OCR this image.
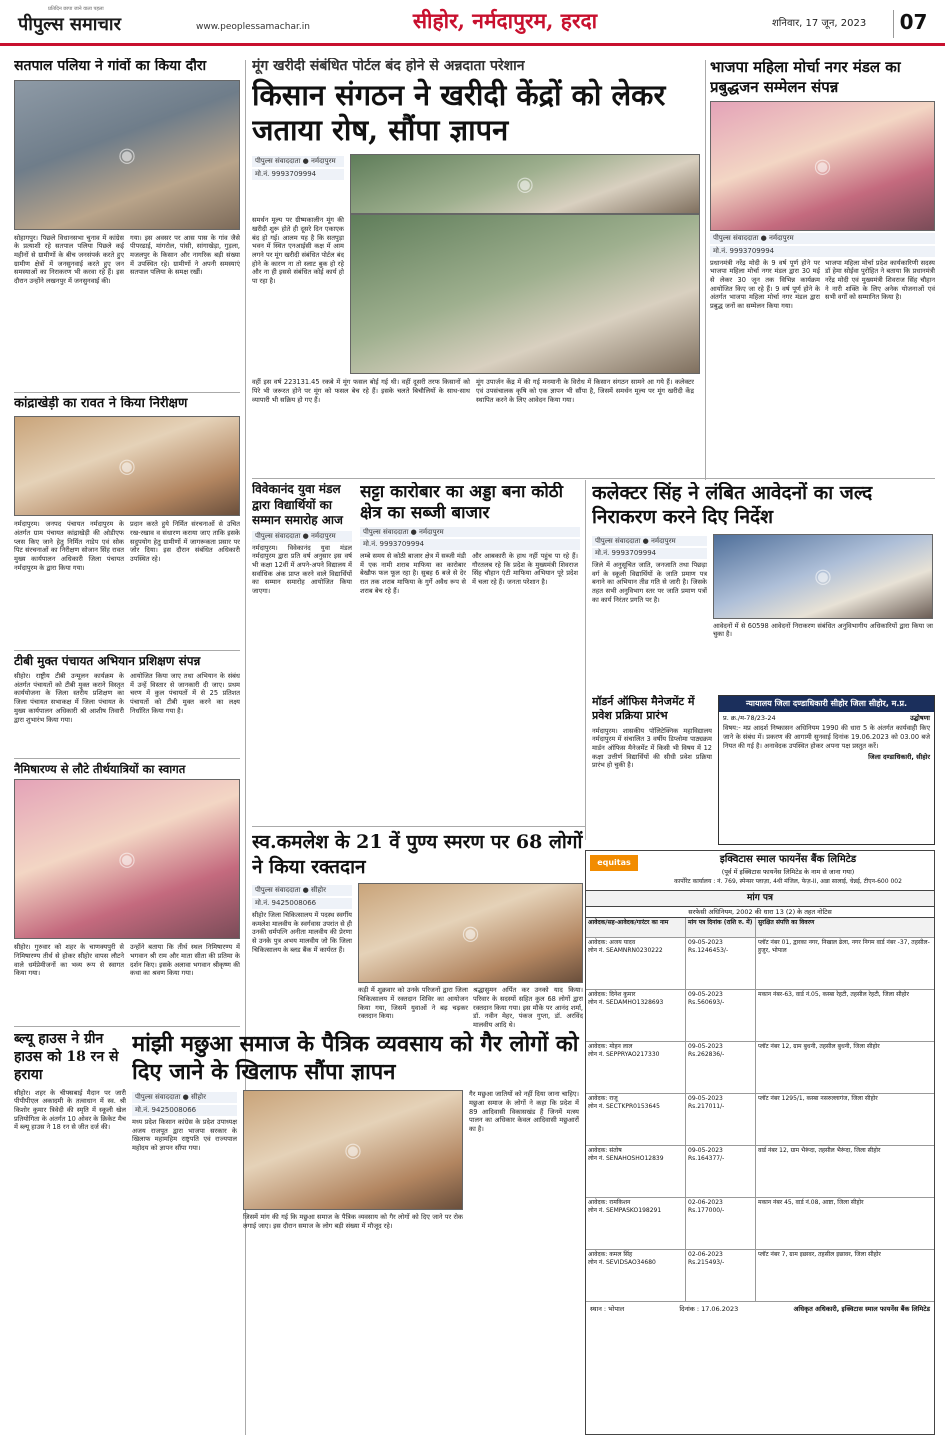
प्रतिदिन छापा जाने वाला पहला
पीपुल्स समाचार	www.peoplessamachar.in	सीहोर, नर्मदापुरम, हरदा	शनिवार, 17 जून, 2023	07
सतपाल पलिया ने गांवों का किया दौरा
◉
सोहागपुर। पिछले विधानसभा चुनाव में कांग्रेस के प्रत्याशी रहे सतपाल पलिया पिछले कई महीनों से ग्रामीणों के बीच जनसंपर्क करते हुए ग्रामीण क्षेत्रों में जनसुनवाई करते हुए जन समस्याओं का निराकरण भी करवा रहे हैं। इस दौरान उन्होंने लखनपुर में जनसुनवाई की।
गया। इस अवसर पर आस पास के गांव जैसे पीपरढाई, मांगरोल, पांसी, सांगाखेड़ा, गुड़ला, मजलपुर के किसान और नागरिक बड़ी संख्या में उपस्थित रहे। ग्रामीणों ने अपनी समस्याएं सतपाल पलिया के समक्ष रखीं।
मूंग खरीदी संबंधित पोर्टल बंद होने से अन्नदाता परेशान
किसान संगठन ने खरीदी केंद्रों को लेकर जताया रोष, सौंपा ज्ञापन
पीपुल्स संवाददाता ● नर्मदापुरम
मो.नं. 9993709994	◉
समर्थन मूल्य पर ग्रीष्मकालीन मूंग की खरीदी शुरू होते ही दूसरे दिन एकाएक बंद हो गई। आलम यह है कि सतपुड़ा भवन में स्थित एनआईसी कक्ष में आम लगने पर मूंग खरीदी संबंधित पोर्टल बंद होने के कारण ना तो स्लाट बुक हो रहे और ना ही इससे संबंधित कोई कार्य हो पा रहा है।
वहीं इस वर्ष 223131.45 रकबे में मूंग फसल बोई गई थी। वहीं दूसरी तरफ किसानों को पिरे भी जरूरत होने पर मूंग को फसल बेच रहे हैं। इसके चलते बिचौलियों के साथ-साथ व्यापारी भी सक्रिय हो गए हैं।
मूंग उपार्जन केंद्र में की गई मनमानी के विरोध में किसान संगठन सामने आ गये हैं। कलेक्टर एवं उपसंचालक कृषि को एक ज्ञापन भी सौंपा है, जिसमें समर्थन मूल्य पर मूंग खरीदी केंद्र स्थापित करने के लिए आवेदन किया गया।
भाजपा महिला मोर्चा नगर मंडल का प्रबुद्धजन सम्मेलन संपन्न
◉
पीपुल्स संवाददाता ● नर्मदापुरम
मो.नं. 9993709994
प्रधानमंत्री नरेंद्र मोदी के 9 वर्ष पूर्ण होने पर भाजपा महिला मोर्चा नगर मंडल द्वारा 30 मई से लेकर 30 जून तक विभिन्न कार्यक्रम आयोजित किए जा रहे हैं। 9 वर्ष पूर्ण होने के अंतर्गत भाजपा महिला मोर्चा नगर मंडल द्वारा प्रबुद्ध जनों का सम्मेलन किया गया।
भाजपा महिला मोर्चा प्रदेश कार्यकारिणी सदस्य डॉ हेमा सोईवा पुरोहित ने बताया कि प्रधानमंत्री नरेंद्र मोदी एवं मुख्यमंत्री शिवराज सिंह चौहान ने नारी शक्ति के लिए अनेक योजनाओं एवं सभी वर्गों को सम्मानित किया है।
कांद्राखेड़ी का रावत ने किया निरीक्षण
◉
नर्मदापुरम। जनपद पंचायत नर्मदापुरम के अंतर्गत ग्राम पंचायत कांद्राखेड़ी की ओडीएफ प्लस किए जाने हेतु निर्मित नाडेप एवं सोक पिट संरचनाओं का निरीक्षण सोजान सिंह रावत मुख्य कार्यपालन अधिकारी जिला पंचायत नर्मदापुरम के द्वारा किया गया।
प्रदान करते हुये निर्मित संरचनाओं से उचित रख-रखाव व संधारण कराया जाए ताकि इसके सदुपयोग हेतु ग्रामीणों में जागरूकता प्रसार पर जोर दिया। इस दौरान संबंधित अधिकारी उपस्थित रहे।
विवेकानंद युवा मंडल द्वारा विद्यार्थियों का सम्मान समारोह आज
पीपुल्स संवाददाता ● नर्मदापुरम
नर्मदापुरम। विवेकानंद युवा मंडल नर्मदापुरम द्वारा प्रति वर्ष अनुसार इस वर्ष भी कक्षा 12वीं में अपने-अपने विद्यालय में सर्वाधिक अंक प्राप्त करने वाले विद्यार्थियों का सम्मान समारोह आयोजित किया जाएगा।
सट्टा कारोबार का अड्डा बना कोठी क्षेत्र का सब्जी बाजार
पीपुल्स संवाददाता ● नर्मदापुरम
मो.नं. 9993709994
लम्बे समय से कोठी बाजार क्षेत्र में सब्जी मंडी में एक नामी शराब माफिया का कारोबार बेखौफ फल फूल रहा है। सुबह 6 बजे से देर रात तक शराब माफिया के गुर्गे अवैध रूप से शराब बेच रहे हैं।
और आबकारी के हाथ नहीं पहुंच पा रहे हैं। गौरतलब रहे कि प्रदेश के मुख्यमंत्री शिवराज सिंह चौहान एंटी माफिया अभियान पूरे प्रदेश में चला रहे हैं। जनता परेशान है।
कलेक्टर सिंह ने लंबित आवेदनों का जल्द निराकरण करने दिए निर्देश
पीपुल्स संवाददाता ● नर्मदापुरम
मो.नं. 9993709994
जिले में अनुसूचित जाति, जनजाति तथा पिछड़ा वर्ग के स्कूली विद्यार्थियों के जाति प्रमाण पत्र बनाने का अभियान तीव्र गति से जारी है। जिसके तहत सभी अनुविभाग स्तर पर जाति प्रमाण पत्रों का कार्य निरंतर प्रगति पर है।
◉
आवेदनों में से 60598 आवेदनों निराकरण संबंधित अनुविभागीय अधिकारियों द्वारा किया जा चुका है।
मॉडर्न ऑफिस मैनेजमेंट में प्रवेश प्रक्रिया प्रारंभ
नर्मदापुरम। शासकीय पॉलिटेक्निक महाविद्यालय नर्मदापुरम में संचालित 3 वर्षीय डिप्लोमा पाठ्यक्रम मार्डन ऑफिस मैनेजमेंट में किसी भी विषय में 12 कक्षा उत्तीर्ण विद्यार्थियों की सीधी प्रवेश प्रक्रिया प्रारंभ हो चुकी है।
न्यायालय जिला दण्डाधिकारी सीहोर जिला सीहोर, म.प्र.
प्र. क्र./म-78/23-24	उद्घोषणा
विषय:- मप्र आदर्श निष्कासन अधिनियम 1990 की धारा 5 के अंतर्गत कार्यवाही किए जाने के संबंध में। प्रकरण की आगामी सुनवाई दिनांक 19.06.2023 को 03.00 बजे नियत की गई है। अनावेदक उपस्थित होकर अपना पक्ष प्रस्तुत करें।
जिला दण्डाधिकारी, सीहोर
टीबी मुक्त पंचायत अभियान प्रशिक्षण संपन्न
सीहोर। राष्ट्रीय टीबी उन्मूलन कार्यक्रम के अंतर्गत पंचायतों को टीबी मुक्त कराने विस्तृत कार्ययोजना के जिला स्तरीय प्रशिक्षण का जिला पंचायत सभाकक्ष में जिला पंचायत के मुख्य कार्यपालन अधिकारी श्री आशीष तिवारी द्वारा शुभारंभ किया गया।
आयोजित किया जाए तथा अभियान के संबंध में उन्हें विस्तार से जानकारी दी जाए। प्रथम चरण में कुल पंचायतों में से 25 प्रतिशत पंचायतों को टीबी मुक्त करने का लक्ष्य निर्धारित किया गया है।
स्व.कमलेश के 21 वें पुण्य स्मरण पर 68 लोगों ने किया रक्तदान
पीपुल्स संवाददाता ● सीहोर
मो.नं. 9425008066
सीहोर जिला चिकित्सालय में पदस्थ स्वर्गीय कमलेश मालवीय के स्वर्गवास उपरांत से ही उनकी धर्मपत्नि अनीता मालवीय की प्रेरणा से उनके पुत्र अभय मालवीय जो कि जिला चिकित्सालय के ब्लड बैंक में कार्यरत हैं।
◉
कड़ी में शुक्रवार को उनके परिजनों द्वारा जिला चिकित्सालय में रक्तदान शिविर का आयोजन किया गया, जिसमें युवाओं ने बढ़ चढ़कर रक्तदान किया।
श्रद्धासुमन अर्पित कर उनको याद किया। परिवार के सदस्यों सहित कुल 68 लोगों द्वारा रक्तदान किया गया। इस मौके पर आनंद शर्मा, डॉ. नवीन मेहर, पंकज गुप्ता, डॉ. अरविंद मालवीय आदि थे।
नैमिषारण्य से लौटे तीर्थयात्रियों का स्वागत
◉
सीहोर। गुरुवार को शहर के चाणक्यपुरी से निमिषारण्य तीर्थ से होकर सीहोर वापस लौटने वाले धर्मप्रेमीजनों का भव्य रूप से स्वागत किया गया।
उन्होंने बताया कि तीर्थ स्थल निमिषारण्य में भगवान श्री राम और माता सीता की प्रतिमा के दर्शन किए। इसके अलावा भगवान श्रीकृष्ण की कथा का श्रवण किया गया।
ब्ल्यू हाउस ने ग्रीन हाउस को 18 रन से हराया
सीहोर। शहर के चीफ्सबाई मैदान पर जारी पीपीपीएल अकादमी के तत्वाधान में स्व. श्री किशोर कुमार त्रिवेदी की स्मृति में स्कूली खेल प्रतियोगिता के अंतर्गत 10 ओवर के क्रिकेट मैच में ब्ल्यू हाउस ने 18 रन से जीत दर्ज की।
मांझी मछुआ समाज के पैत्रिक व्यवसाय को गैर लोगों को दिए जाने के खिलाफ सौंपा ज्ञापन
पीपुल्स संवाददाता ● सीहोर
मो.नं. 9425008066
मध्य प्रदेश किसान कांग्रेस के प्रदेश उपाध्यक्ष अजय राजपूत द्वारा भाजपा सरकार के खिलाफ महामहिम राष्ट्रपति एवं राज्यपाल महोदय को ज्ञापन सौंपा गया।	◉
जिसमें मांग की गई कि मछुआ समाज के पैत्रिक व्यवसाय को गैर लोगों को दिए जाने पर रोक लगाई जाए। इस दौरान समाज के लोग बड़ी संख्या में मौजूद रहे।
गैर मछुआ जातियों को नहीं दिया जाना चाहिए। मछुआ समाज के लोगों ने कहा कि प्रदेश में 89 आदिवासी विकासखंड हैं जिनमें मत्स्य पालन का अधिकार केवल आदिवासी मछुआरों का है।
equitas	इक्विटास स्माल फायनेंस बैंक लिमिटेड
(पूर्व में इक्विटास फायनेंस लिमिटेड के नाम से जाना गया)
कार्पोरेट कार्यालय : नं. 769, स्पेन्सर प्लाज़ा, 4थी मंजिल, फेज़-II, अन्ना सालाई, चेन्नई, टीएन-600 002
मांग पत्र
सरफेसी अधिनियम, 2002 की धारा 13 (2) के तहत नोटिस
आवेदक/सह-आवेदक/गारंटर का नाम	मांग पत्र दिनांक (राशि रु. में) सुरक्षित संपत्ति का विवरण
आवेदक: अजय यादव
लोन नं. SEAMNRN0230222
09-05-2023
Rs.1246453/-
प्लॉट नंबर 01, द्वारका नगर, निखाल ढेला, नगर निगम वार्ड नंबर -37, तहसील-हुजुर, भोपाल
आवेदक: दिनेश कुमार
लोन नं. SEDAMHO1328693
09-05-2023
Rs.560693/-
मकान नंबर-63, वार्ड नं.05, कस्बा रेहटी, तहसील रेहटी, जिला सीहोर
आवेदक: मोहन लाल
लोन नं. SEPPRYAO217330
09-05-2023
Rs.262836/-
प्लॉट नंबर 12, ग्राम बुधनी, तहसील बुधनी, जिला सीहोर
आवेदक: राजू
लोन नं. SECTKPR0153645
09-05-2023
Rs.217011/-
प्लॉट नंबर 1295/1, कस्बा नसरुल्लागंज, जिला सीहोर
आवेदक: संतोष
लोन नं. SENAHOSHO12839
09-05-2023
Rs.164377/-
वार्ड नंबर 12, ग्राम भैरूंदा, तहसील भैरूंदा, जिला सीहोर
आवेदक: रामकिशन
लोन नं. SEMPASKO198291
02-06-2023
Rs.177000/-
मकान नंबर 45, वार्ड नं.08, आष्टा, जिला सीहोर
आवेदक: कमल सिंह
लोन नं. SEVIDSAO34680
02-06-2023
Rs.215493/-
प्लॉट नंबर 7, ग्राम इछावर, तहसील इछावर, जिला सीहोर
स्थान : भोपाल	दिनांक : 17.06.2023	अधिकृत अधिकारी, इक्विटास स्माल फायनेंस बैंक लिमिटेड
